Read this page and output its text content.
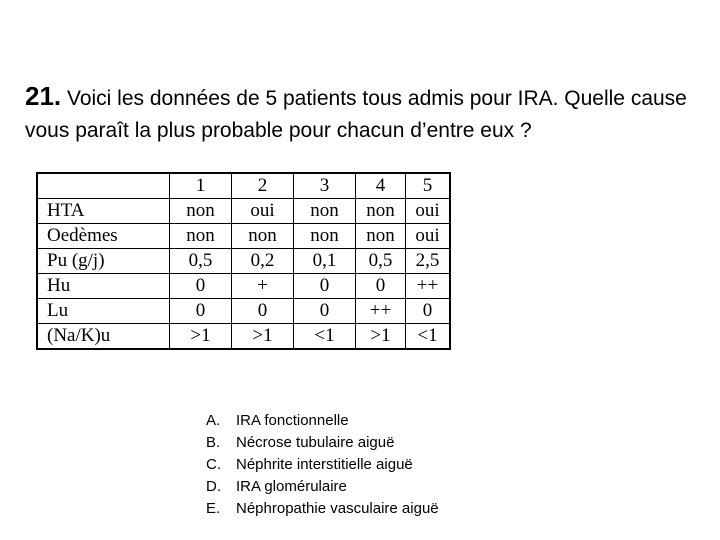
21. Voici les données de 5 patients tous admis pour IRA. Quelle cause vous paraît la plus probable pour chacun d’entre eux ?
	1	2	3	4	5
HTA	non	oui	non	non	oui
Oedèmes	non	non	non	non	oui
Pu (g/j)	0,5	0,2	0,1	0,5	2,5
Hu	0	+	0	0	++
Lu	0	0	0	++	0
(Na/K)u	>1	>1	<1	>1	<1
A.	IRA fonctionnelle
B.	Nécrose tubulaire aiguë
C.	Néphrite interstitielle aiguë
D.	IRA glomérulaire
E.	Néphropathie vasculaire aiguë
